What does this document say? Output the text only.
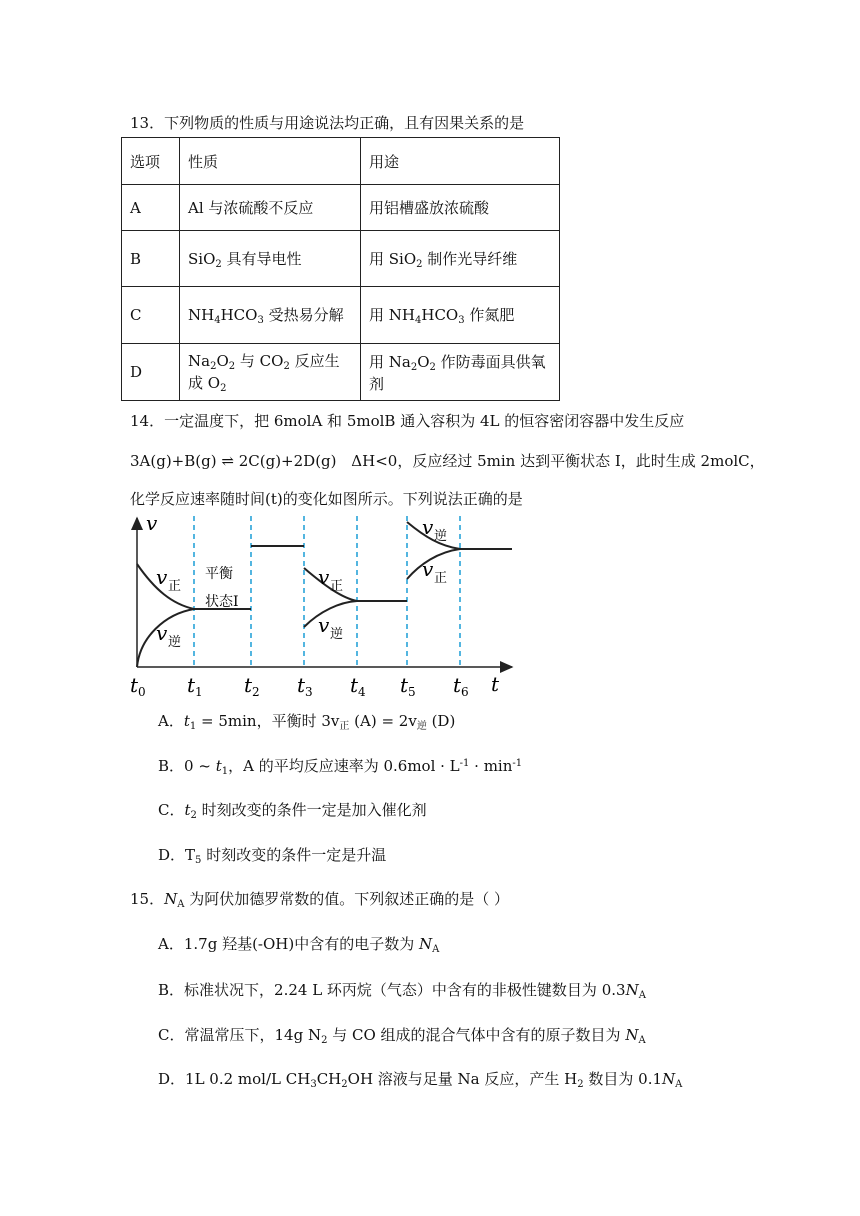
13．下列物质的性质与用途说法均正确，且有因果关系的是
选项	性质	用途
A	Al 与浓硫酸不反应	用铝槽盛放浓硫酸
B	SiO$_2$ 具有导电性	用 SiO$_2$ 制作光导纤维
C	$NH_4HCO_3$ 受热易分解	用 $NH_4HCO_3$ 作氮肥
D	$Na_2O_2$ 与 $CO_2$ 反应生成 $O_2$	用 $Na_2O_2$ 作防毒面具供氧剂
14．一定温度下，把 6molA 和 5molB 通入容积为 4L 的恒容密闭容器中发生反应
3A(g)+B(g) ⇌ 2C(g)+2D(g) ΔH<0，反应经过 5min 达到平衡状态 I，此时生成 2molC，
化学反应速率随时间(t)的变化如图所示。下列说法正确的是
v
t
v 正
v 逆
平衡
状态I
v 正
v 逆
v 逆
v 正
t 0 t 1 t 2 t 3 t 4 t 5 t 6
A．$t_1 = 5\min$，平衡时 $3v_正$ $(A) = 2v_逆$ (D)
B．0 ~ $t_1$，A 的平均反应速率为 $0.6mol \cdot L^{-1} \cdot \min^{-1}$
C．$t_2$ 时刻改变的条件一定是加入催化剂
D．$T_5$ 时刻改变的条件一定是升温
15．$N_A$ 为阿伏加德罗常数的值。下列叙述正确的是（ ）
A．1.7g 羟基(-OH)中含有的电子数为 $N_A$
B．标准状况下，2.24 L 环丙烷（气态）中含有的非极性键数目为 $0.3N_A$
C．常温常压下，14g $N_2$ 与 CO 组成的混合气体中含有的原子数目为 $N_A$
D．1L 0.2 mol/L $CH_3CH_2OH$ 溶液与足量 Na 反应，产生 $H_2$ 数目为 $0.1N_A$
